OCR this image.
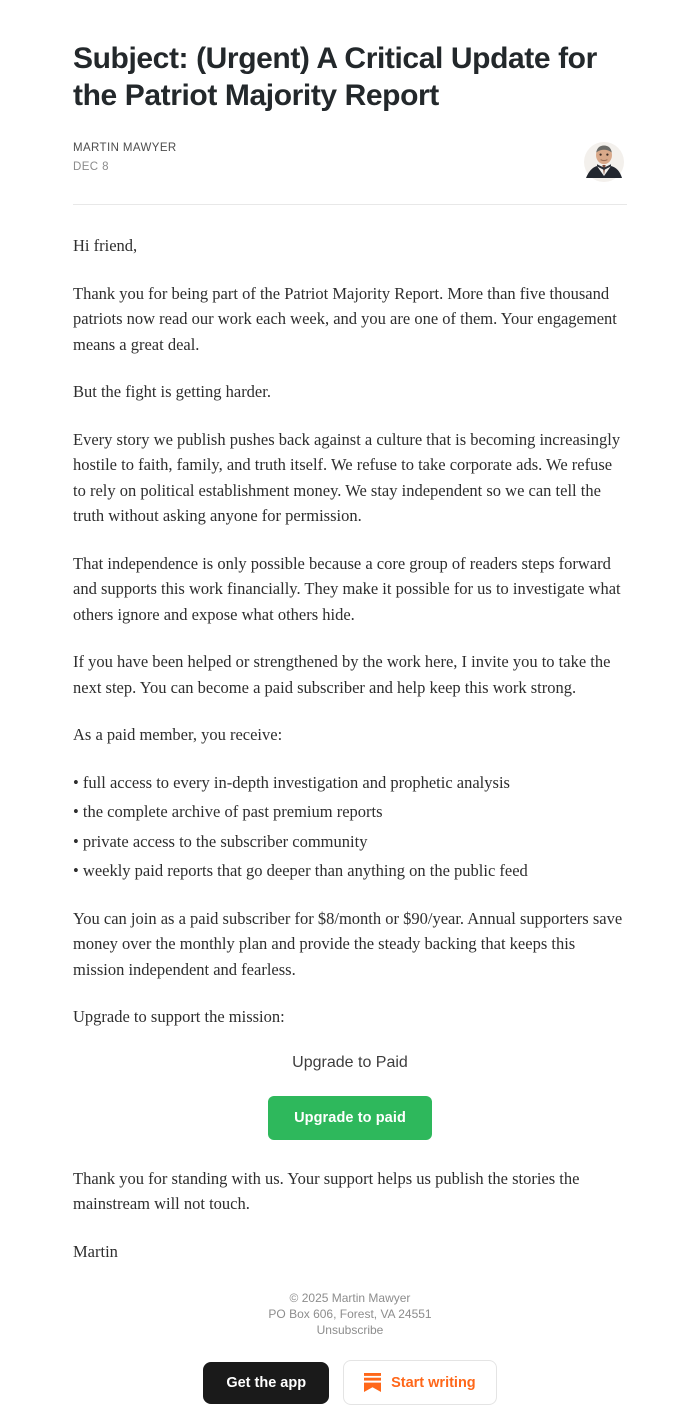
Subject: (Urgent) A Critical Update for the Patriot Majority Report
MARTIN MAWYER
DEC 8

Hi friend,

Thank you for being part of the Patriot Majority Report. More than five thousand patriots now read our work each week, and you are one of them. Your engagement means a great deal.

But the fight is getting harder.

Every story we publish pushes back against a culture that is becoming increasingly hostile to faith, family, and truth itself. We refuse to take corporate ads. We refuse to rely on political establishment money. We stay independent so we can tell the truth without asking anyone for permission.

That independence is only possible because a core group of readers steps forward and supports this work financially. They make it possible for us to investigate what others ignore and expose what others hide.

If you have been helped or strengthened by the work here, I invite you to take the next step. You can become a paid subscriber and help keep this work strong.

As a paid member, you receive:

• full access to every in-depth investigation and prophetic analysis

• the complete archive of past premium reports

• private access to the subscriber community

• weekly paid reports that go deeper than anything on the public feed

You can join as a paid subscriber for $8/month or $90/year. Annual supporters save money over the monthly plan and provide the steady backing that keeps this mission independent and fearless.

Upgrade to support the mission:

Upgrade to Paid
Upgrade to paid

Thank you for standing with us. Your support helps us publish the stories the mainstream will not touch.

Martin

© 2025 Martin Mawyer
PO Box 606, Forest, VA 24551
Unsubscribe
Get the app	Start writing
